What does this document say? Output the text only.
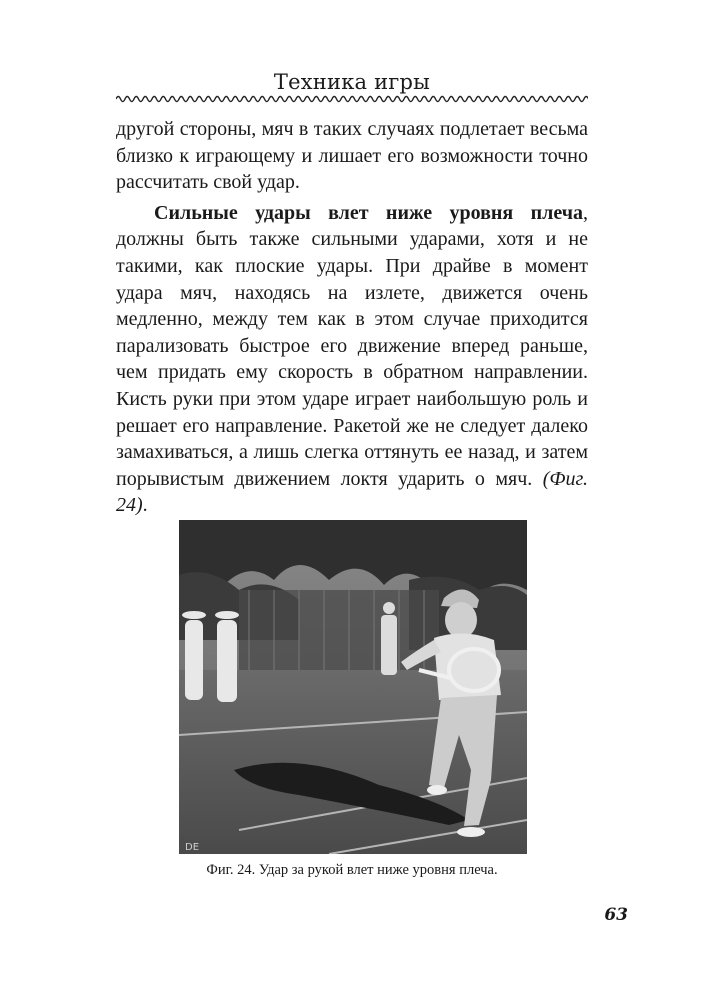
Техника игры

другой стороны, мяч в таких случаях подлетает весьма близко к играющему и лишает его возможности точно рассчитать свой удар.

Сильные удары влет ниже уровня плеча, должны быть также сильными ударами, хотя и не такими, как плоские удары. При драйве в момент удара мяч, находясь на излете, движется очень медленно, между тем как в этом случае приходится парализовать быстрое его движение вперед раньше, чем придать ему скорость в обратном направлении. Кисть руки при этом ударе играет наибольшую роль и решает его направление. Ракетой же не следует далеко замахиваться, а лишь слегка оттянуть ее назад, и затем порывистым движением локтя ударить о мяч. (Фиг. 24).

DE
Фиг. 24. Удар за рукой влет ниже уровня плеча.
63
